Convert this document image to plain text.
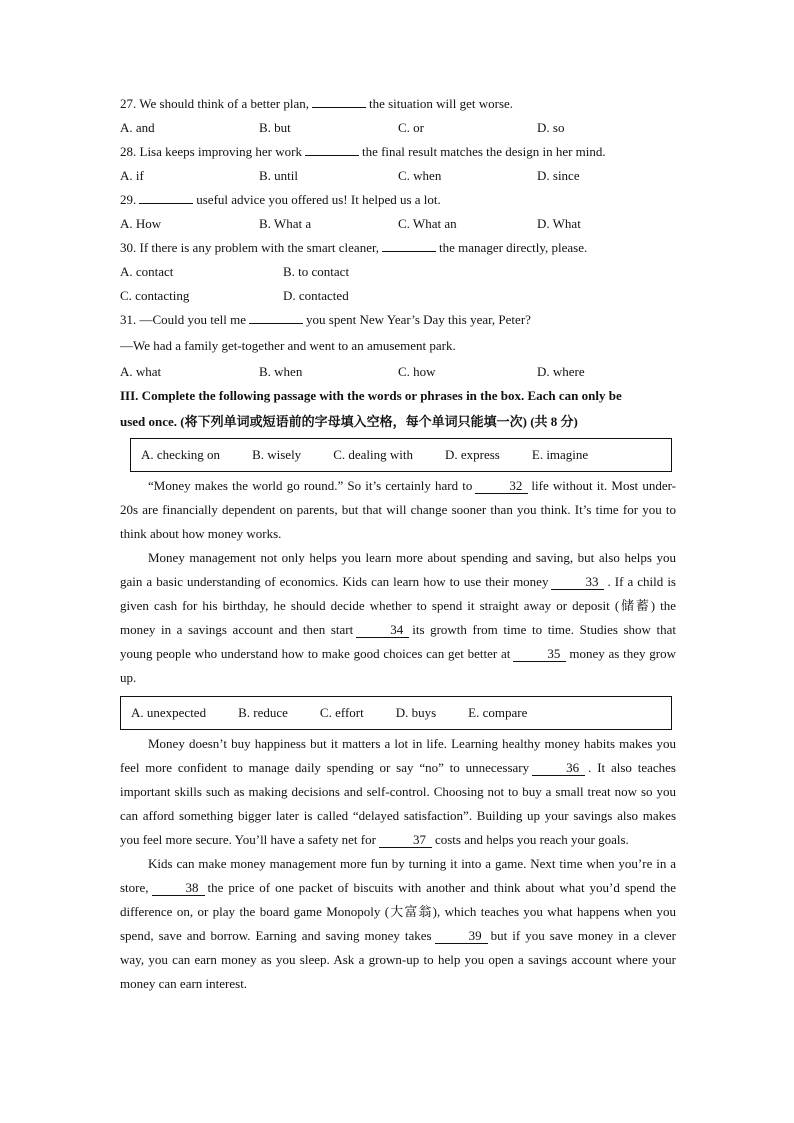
27. We should think of a better plan,	the situation will get worse.
A. and	B. but	C. or	D. so
28. Lisa keeps improving her work	the final result matches the design in her mind.
A. if	B. until	C. when	D. since
29.	useful advice you offered us! It helped us a lot.
A. How	B. What a	C. What an	D. What
30. If there is any problem with the smart cleaner,	the manager directly, please.
A. contact	B. to contact
C. contacting	D. contacted
31. —Could you tell me	you spent New Year’s Day this year, Peter?
—We had a family get-together and went to an amusement park.
A. what	B. when	C. how	D. where
III. Complete the following passage with the words or phrases in the box. Each can only be
used once. (将下列单词或短语前的字母填入空格，每个单词只能填一次) (共 8 分)
A. checking on B. wisely C. dealing with D. express E. imagine
“Money makes the world go round.” So it’s certainly hard to	32 life without it. Most under-20s are financially dependent on parents, but that will change sooner than you think. It’s time for you to think about how money works.
Money management not only helps you learn more about spending and saving, but also helps you gain a basic understanding of economics. Kids can learn how to use their money	33 . If a child is given cash for his birthday, he should decide whether to spend it straight away or deposit (储蓄) the money in a savings account and then start	34 its growth from time to time. Studies show that young people who understand how to make good choices can get better at	35 money as they grow up.
A. unexpected B. reduce C. effort D. buys E. compare
Money doesn’t buy happiness but it matters a lot in life. Learning healthy money habits makes you feel more confident to manage daily spending or say “no” to unnecessary	36 . It also teaches important skills such as making decisions and self-control. Choosing not to buy a small treat now so you can afford something bigger later is called “delayed satisfaction”. Building up your savings also makes you feel more secure. You’ll have a safety net for	37 costs and helps you reach your goals.
Kids can make money management more fun by turning it into a game. Next time when you’re in a store,	38 the price of one packet of biscuits with another and think about what you’d spend the difference on, or play the board game Monopoly (大富翁), which teaches you what happens when you spend, save and borrow. Earning and saving money takes	39 but if you save money in a clever way, you can earn money as you sleep. Ask a grown-up to help you open a savings account where your money can earn interest.
